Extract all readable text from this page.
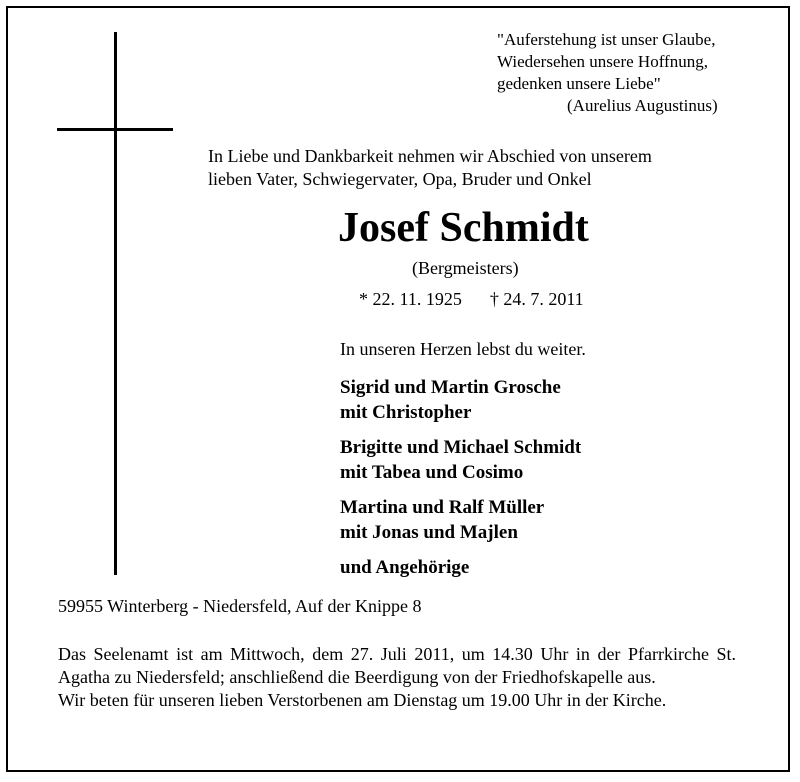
"Auferstehung ist unser Glaube,
Wiedersehen unsere Hoffnung,
gedenken unsere Liebe"
(Aurelius Augustinus)
In Liebe und Dankbarkeit nehmen wir Abschied von unserem
lieben Vater, Schwiegervater, Opa, Bruder und Onkel
Josef Schmidt
(Bergmeisters)
* 22. 11. 1925 † 24. 7. 2011
In unseren Herzen lebst du weiter.
Sigrid und Martin Grosche
mit Christopher
Brigitte und Michael Schmidt
mit Tabea und Cosimo
Martina und Ralf Müller
mit Jonas und Majlen
und Angehörige
59955 Winterberg - Niedersfeld, Auf der Knippe 8

Das Seelenamt ist am Mittwoch, dem 27. Juli 2011, um 14.30 Uhr in der Pfarrkirche St. Agatha zu Niedersfeld; anschließend die Beerdigung von der Friedhofskapelle aus.

Wir beten für unseren lieben Verstorbenen am Dienstag um 19.00 Uhr in der Kirche.
